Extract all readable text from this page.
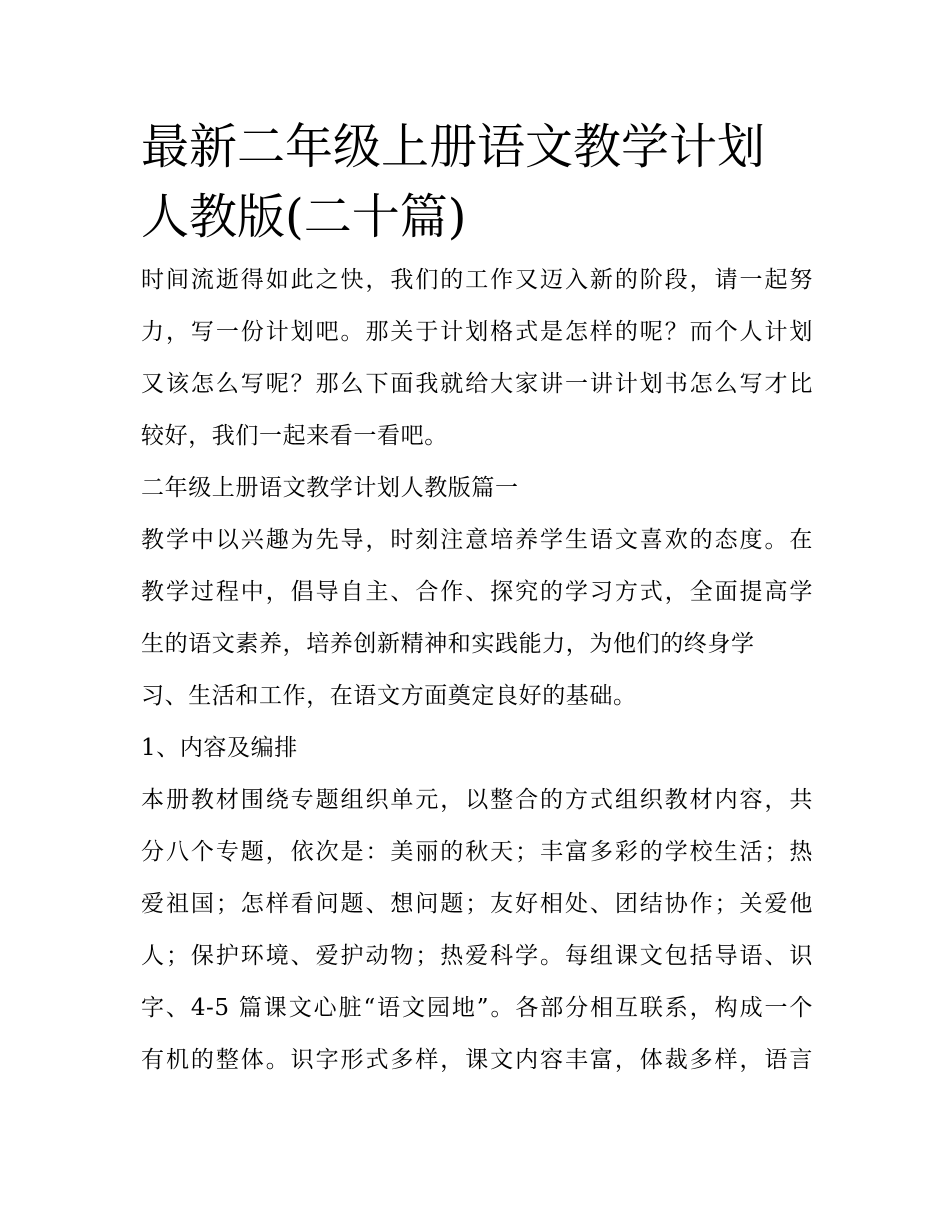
最新二年级上册语文教学计划
人教版(二十篇)
时间流逝得如此之快，我们的工作又迈入新的阶段，请一起努
力，写一份计划吧。那关于计划格式是怎样的呢？而个人计划
又该怎么写呢？那么下面我就给大家讲一讲计划书怎么写才比
较好，我们一起来看一看吧。
二年级上册语文教学计划人教版篇一
教学中以兴趣为先导，时刻注意培养学生语文喜欢的态度。在
教学过程中，倡导自主、合作、探究的学习方式，全面提高学
生的语文素养，培养创新精神和实践能力，为他们的终身学
习、生活和工作，在语文方面奠定良好的基础。
1、内容及编排
本册教材围绕专题组织单元，以整合的方式组织教材内容，共
分八个专题，依次是：美丽的秋天；丰富多彩的学校生活；热
爱祖国；怎样看问题、想问题；友好相处、团结协作；关爱他
人；保护环境、爱护动物；热爱科学。每组课文包括导语、识
字、4-5 篇课文心脏“语文园地”。各部分相互联系，构成一个
有机的整体。识字形式多样，课文内容丰富，体裁多样，语言
